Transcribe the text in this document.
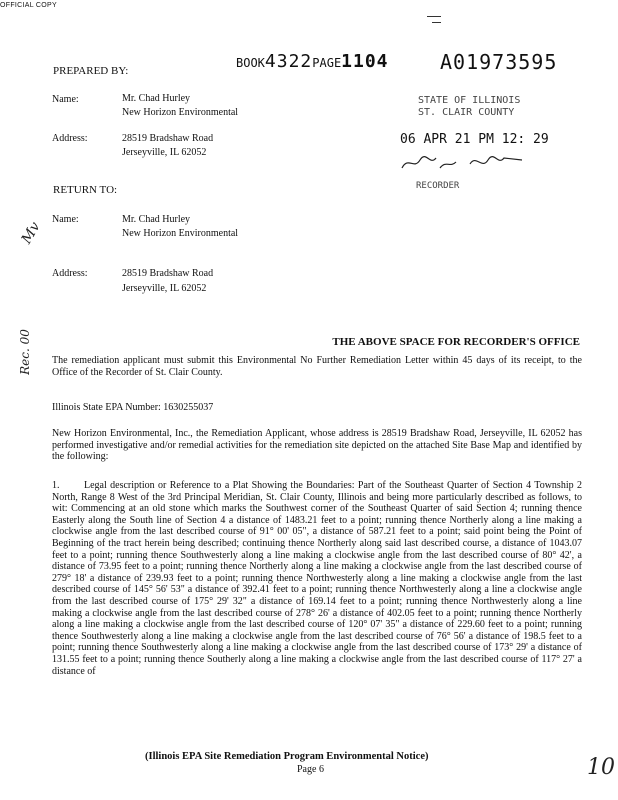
OFFICIAL COPY
BOOK4322PAGE1104	A01973595
PREPARED BY:
Name:	Mr. Chad Hurley
New Horizon Environmental
Address:	28519 Bradshaw Road
Jerseyville, IL 62052
STATE OF ILLINOIS
ST. CLAIR COUNTY
06 APR 21 PM 12: 29
RECORDER
RETURN TO:
Name:	Mr. Chad Hurley
New Horizon Environmental
Address:	28519 Bradshaw Road
Jerseyville, IL 62052
Mv
Rec. 00	THE ABOVE SPACE FOR RECORDER'S OFFICE
The remediation applicant must submit this Environmental No Further Remediation Letter within 45 days of its receipt, to the Office of the Recorder of St. Clair County.
Illinois State EPA Number: 1630255037
New Horizon Environmental, Inc., the Remediation Applicant, whose address is 28519 Bradshaw Road, Jerseyville, IL 62052 has performed investigative and/or remedial activities for the remediation site depicted on the attached Site Base Map and identified by the following:
1.	Legal description or Reference to a Plat Showing the Boundaries: Part of the Southeast Quarter of Section 4 Township 2 North, Range 8 West of the 3rd Principal Meridian, St. Clair County, Illinois and being more particularly described as follows, to wit: Commencing at an old stone which marks the Southwest corner of the Southeast Quarter of said Section 4; running thence Easterly along the South line of Section 4 a distance of 1483.21 feet to a point; running thence Northerly along a line making a clockwise angle from the last described course of 91° 00' 05", a distance of 587.21 feet to a point; said point being the Point of Beginning of the tract herein being described; continuing thence Northerly along said last described course, a distance of 1043.07 feet to a point; running thence Southwesterly along a line making a clockwise angle from the last described course of 80° 42', a distance of 73.95 feet to a point; running thence Northerly along a line making a clockwise angle from the last described course of 279° 18' a distance of 239.93 feet to a point; running thence Northwesterly along a line making a clockwise angle from the last described course of 145° 56' 53" a distance of 392.41 feet to a point; running thence Northwesterly along a line a clockwise angle from the last described course of 175° 29' 32" a distance of 169.14 feet to a point; running thence Northwesterly along a line making a clockwise angle from the last described course of 278° 26' a distance of 402.05 feet to a point; running thence Northerly along a line making a clockwise angle from the last described course of 120° 07' 35" a distance of 229.60 feet to a point; running thence Southwesterly along a line making a clockwise angle from the last described course of 76° 56' a distance of 198.5 feet to a point; running thence Southwesterly along a line making a clockwise angle from the last described course of 173° 29' a distance of 131.55 feet to a point; running thence Southerly along a line making a clockwise angle from the last described course of 117° 27' a distance of
(Illinois EPA Site Remediation Program Environmental Notice)
Page 6	10
